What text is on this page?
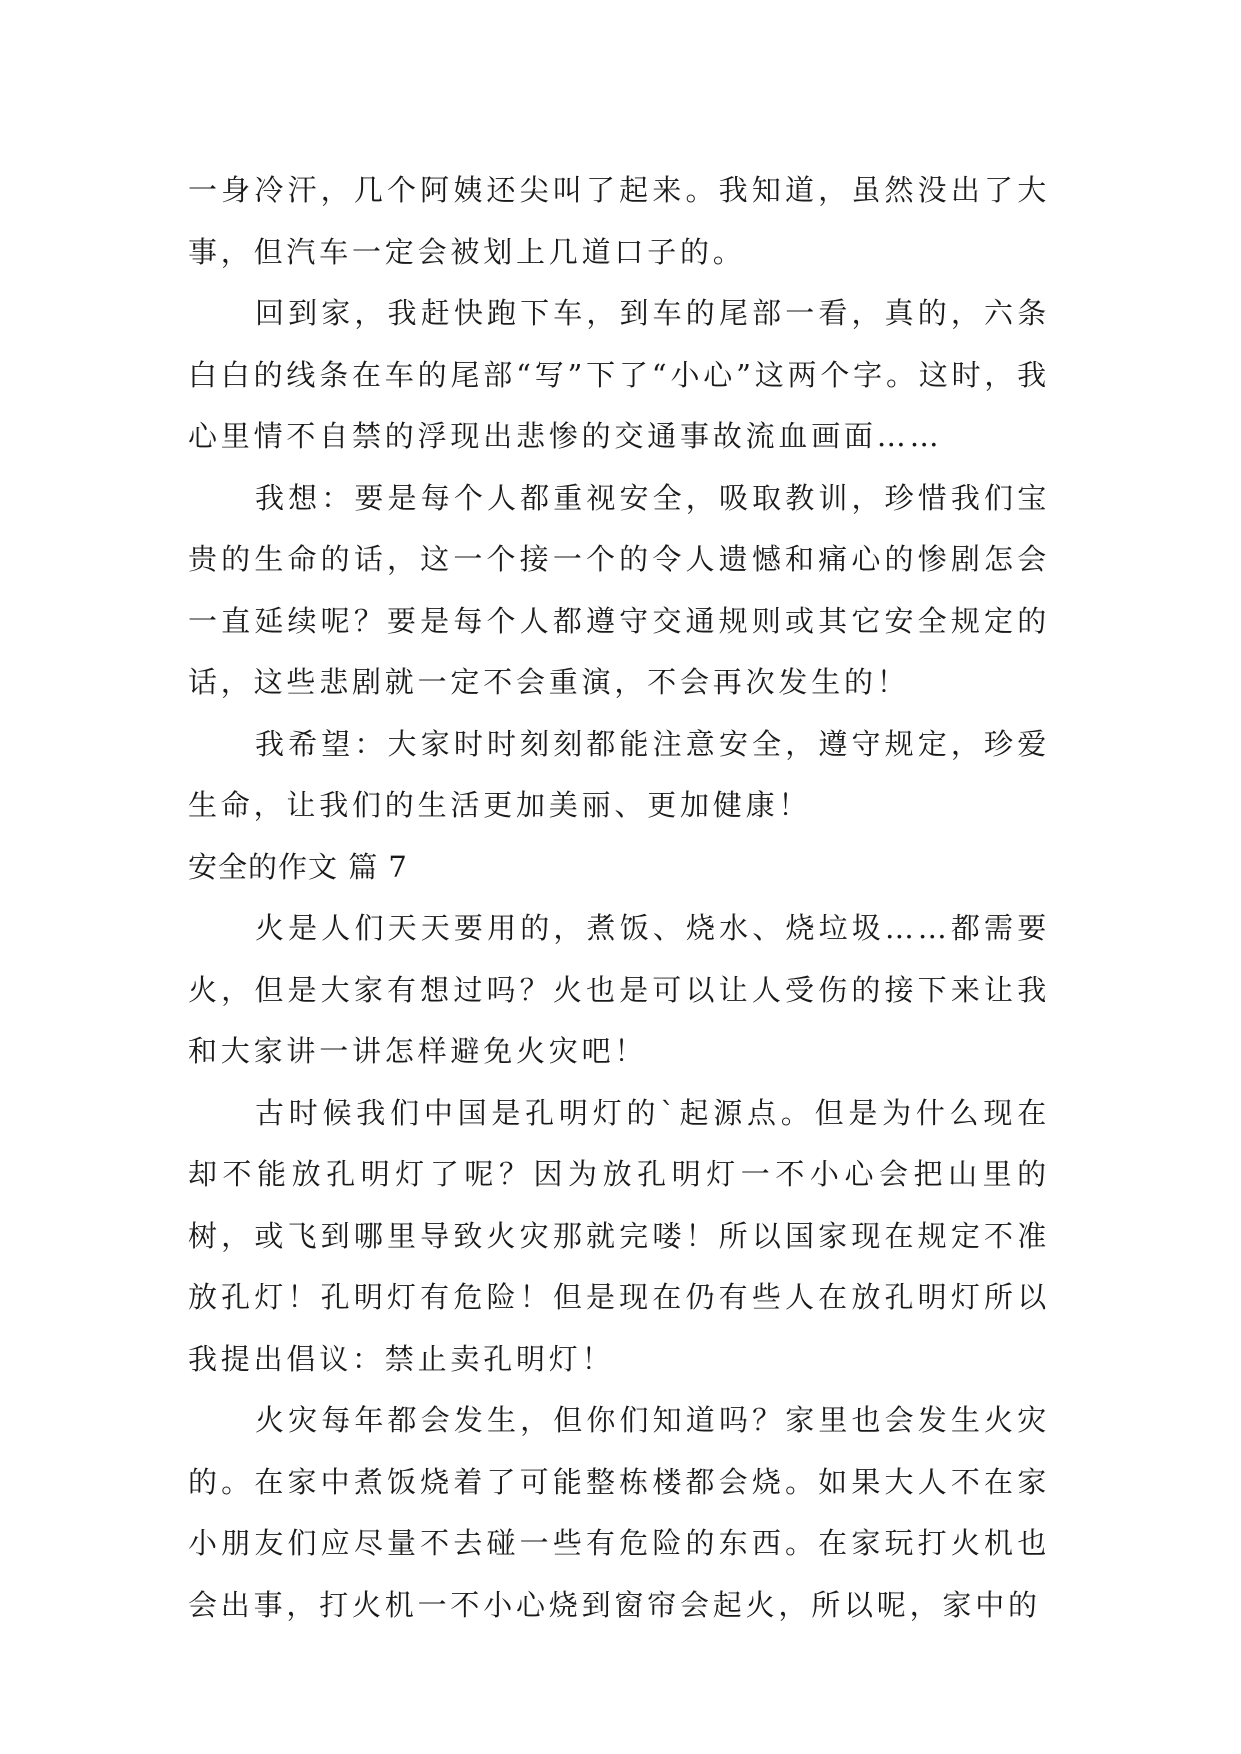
一身冷汗，几个阿姨还尖叫了起来。我知道，虽然没出了大事，但汽车一定会被划上几道口子的。

回到家，我赶快跑下车，到车的尾部一看，真的，六条白白的线条在车的尾部“写”下了“小心”这两个字。这时，我心里情不自禁的浮现出悲惨的交通事故流血画面……

我想：要是每个人都重视安全，吸取教训，珍惜我们宝贵的生命的话，这一个接一个的令人遗憾和痛心的惨剧怎会一直延续呢？要是每个人都遵守交通规则或其它安全规定的话，这些悲剧就一定不会重演，不会再次发生的！

我希望：大家时时刻刻都能注意安全，遵守规定，珍爱生命，让我们的生活更加美丽、更加健康！

安全的作文 篇 7

火是人们天天要用的，煮饭、烧水、烧垃圾……都需要火，但是大家有想过吗？火也是可以让人受伤的接下来让我和大家讲一讲怎样避免火灾吧！

古时候我们中国是孔明灯的`起源点。但是为什么现在却不能放孔明灯了呢？因为放孔明灯一不小心会把山里的树，或飞到哪里导致火灾那就完喽！所以国家现在规定不准放孔灯！孔明灯有危险！但是现在仍有些人在放孔明灯所以我提出倡议：禁止卖孔明灯！

火灾每年都会发生，但你们知道吗？家里也会发生火灾的。在家中煮饭烧着了可能整栋楼都会烧。如果大人不在家小朋友们应尽量不去碰一些有危险的东西。在家玩打火机也会出事，打火机一不小心烧到窗帘会起火，所以呢，家中的
